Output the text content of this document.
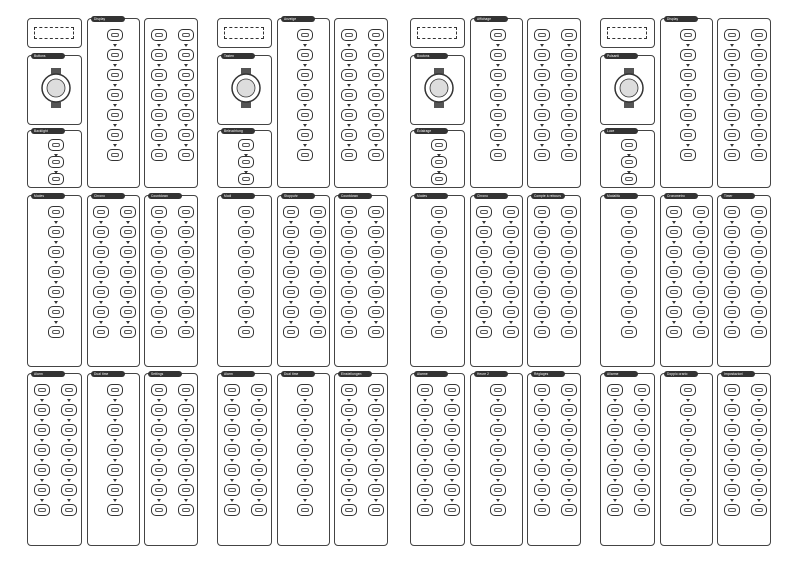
Buttons
Backlight
Display
Modes	Chrono	Countdown
Alarm	Dual time	Settings
Tasten
Beleuchtung
Anzeige
Modi	Stoppuhr	Countdown
Alarm	Dual time	Einstellungen
Boutons
Éclairage
Affichage
Modes	Chrono	Compte à rebours
Alarme	Heure 2	Réglages
Pulsanti
Luce
Display
Modalità	Cronometro	Timer
Allarme	Doppio orario	Impostazioni
